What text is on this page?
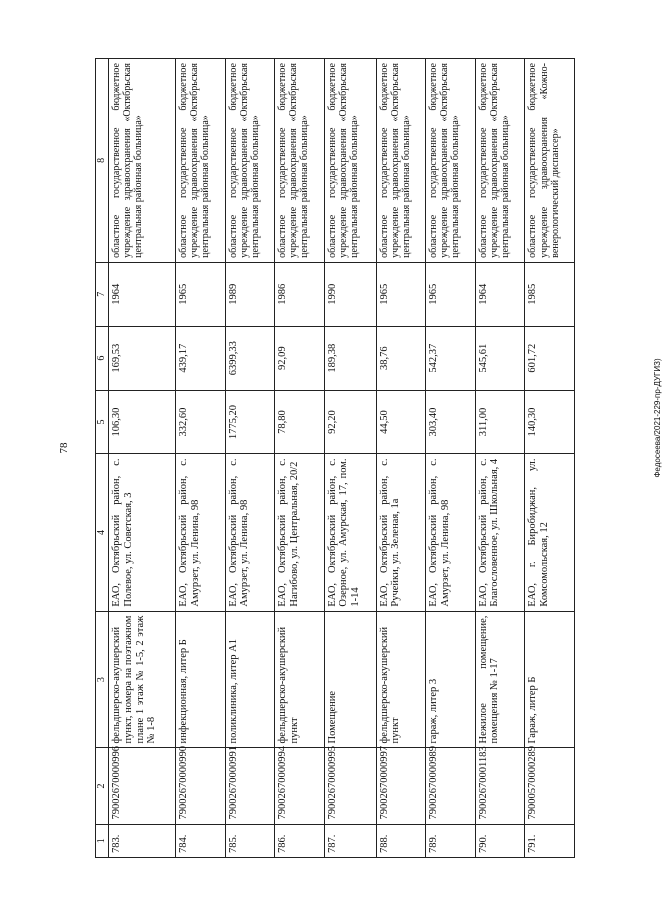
78	Федосеева/2021-229-пр-ДУГИЗ)
1	2	3	4	5	6	7	8
783.	79002670000996	фельдшерско-акушерский пункт, номера на поэтажном плане 1 этаж № 1-5, 2 этаж № 1-8	ЕАО, Октябрьский район, с. Полевое, ул. Советская, 3	106,30	169,53	1964	областное государственное бюджетное учреждение здравоохранения «Октябрьская центральная районная больница»
784.	79002670000990	инфекционная, литер Б	ЕАО, Октябрьский район, с. Амурзет, ул. Ленина, 98	332,60	439,17	1965	областное государственное бюджетное учреждение здравоохранения «Октябрьская центральная районная больница»
785.	79002670000991	поликлиника, литер А1	ЕАО, Октябрьский район, с. Амурзет, ул. Ленина, 98	1775,20	6399,33	1989	областное государственное бюджетное учреждение здравоохранения «Октябрьская центральная районная больница»
786.	79002670000994	фельдшерско-акушерский пункт	ЕАО, Октябрьский район, с. Нагибово, ул. Центральная, 20/2	78,80	92,09	1986	областное государственное бюджетное учреждение здравоохранения «Октябрьская центральная районная больница»
787.	79002670000995	Помещение	ЕАО, Октябрьский район, с. Озерное, ул. Амурская, 17, пом. 1-14	92,20	189,38	1990	областное государственное бюджетное учреждение здравоохранения «Октябрьская центральная районная больница»
788.	79002670000997	фельдшерско-акушерский пункт	ЕАО, Октябрьский район, с. Ручейки, ул. Зеленая, 1а	44,50	38,76	1965	областное государственное бюджетное учреждение здравоохранения «Октябрьская центральная районная больница»
789.	79002670000989	гараж, литер 3	ЕАО, Октябрьский район, с. Амурзет, ул. Ленина, 98	303,40	542,37	1965	областное государственное бюджетное учреждение здравоохранения «Октябрьская центральная районная больница»
790.	79002670001183	Нежилое помещение, помещения № 1-17	ЕАО, Октябрьский район, с. Благословенное, ул. Школьная, 4	311,00	545,61	1964	областное государственное бюджетное учреждение здравоохранения «Октябрьская центральная районная больница»
791.	79000570000289	Гараж, литер Б	ЕАО, г. Биробиджан, ул. Комсомольская, 12	140,30	601,72	1985	областное государственное бюджетное учреждение здравоохранения «Кожно-венерологический диспансер»
